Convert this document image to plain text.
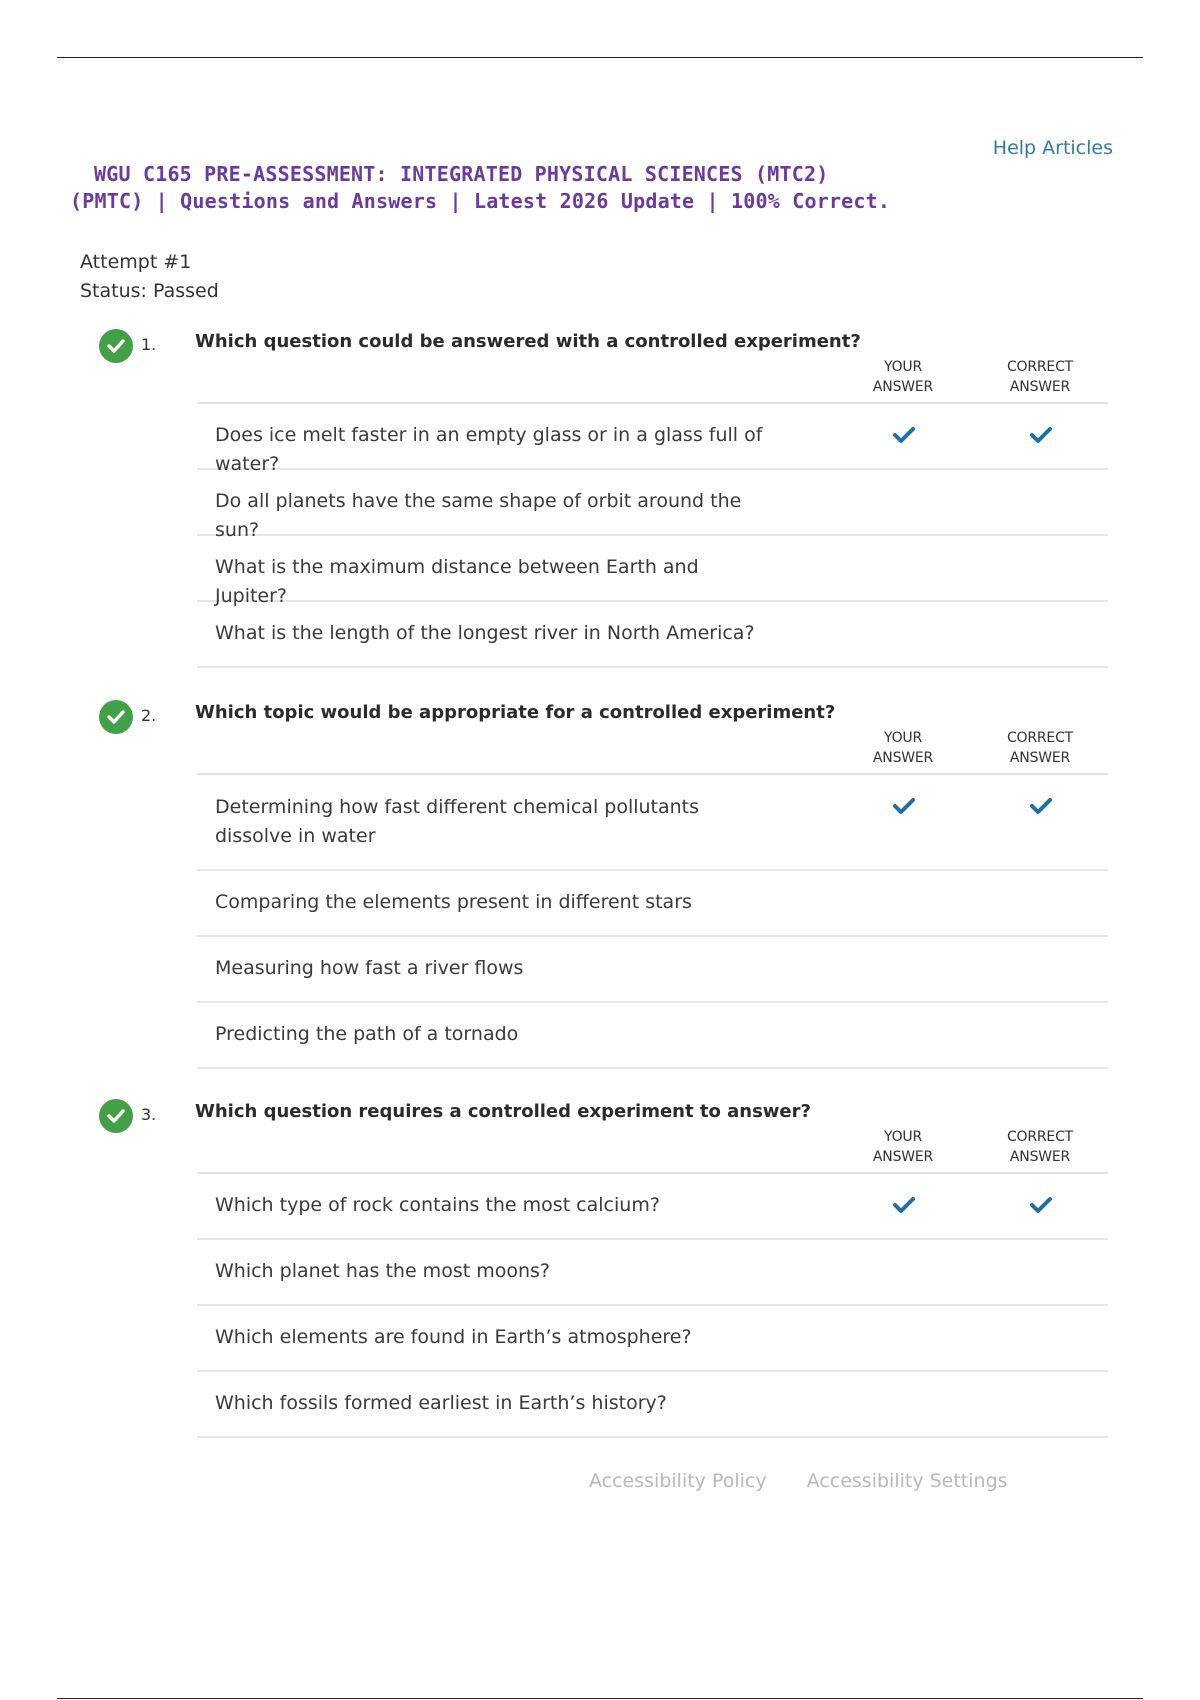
Help Articles
WGU C165 PRE-ASSESSMENT: INTEGRATED PHYSICAL SCIENCES (MTC2)
(PMTC) | Questions and Answers | Latest 2026 Update | 100% Correct.
Attempt #1
Status: Passed
1. Which question could be answered with a controlled experiment?
YOUR
ANSWER
CORRECT
ANSWER
Does ice melt faster in an empty glass or in a glass full of water?
Do all planets have the same shape of orbit around the sun?
What is the maximum distance between Earth and Jupiter?
What is the length of the longest river in North America?
2. Which topic would be appropriate for a controlled experiment?
YOUR
ANSWER
CORRECT
ANSWER
Determining how fast different chemical pollutants dissolve in water
Comparing the elements present in different stars
Measuring how fast a river flows
Predicting the path of a tornado
3. Which question requires a controlled experiment to answer?
YOUR
ANSWER
CORRECT
ANSWER
Which type of rock contains the most calcium?
Which planet has the most moons?
Which elements are found in Earth’s atmosphere?
Which fossils formed earliest in Earth’s history?
Accessibility Policy Accessibility Settings
